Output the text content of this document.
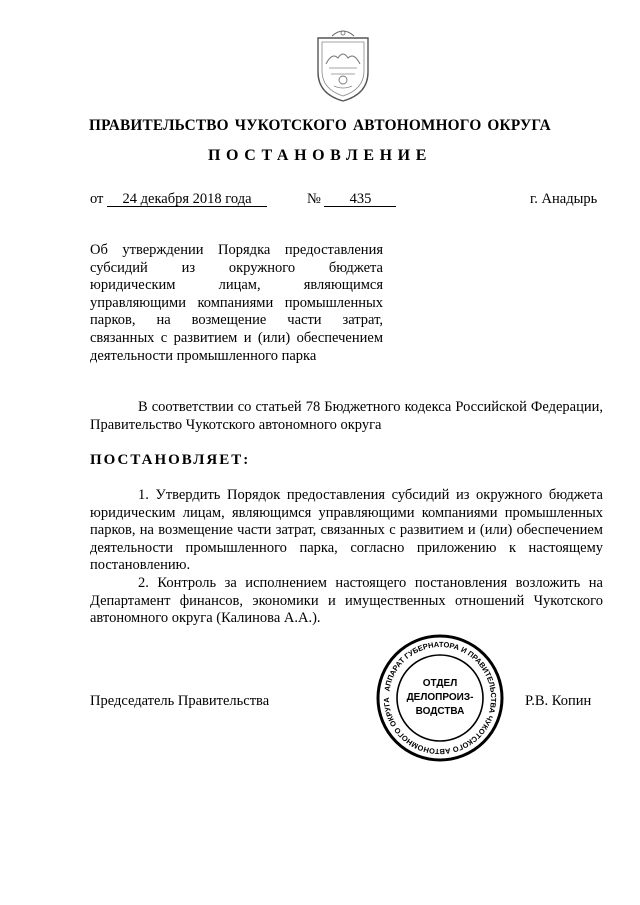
ПРАВИТЕЛЬСТВО ЧУКОТСКОГО АВТОНОМНОГО ОКРУГА
ПОСТАНОВЛЕНИЕ
от 24 декабря 2018 года	№ 435	г. Анадырь
Об утверждении Порядка предоставления
субсидий из окружного бюджета
юридическим лицам, являющимся
управляющими компаниями промышленных
парков, на возмещение части затрат,
связанных с развитием и (или) обеспечением
деятельности промышленного парка
В соответствии со статьей 78 Бюджетного кодекса Российской Федерации, Правительство Чукотского автономного округа
ПОСТАНОВЛЯЕТ:
1. Утвердить Порядок предоставления субсидий из окружного бюджета юридическим лицам, являющимся управляющими компаниями промышленных парков, на возмещение части затрат, связанных с развитием и (или) обеспечением деятельности промышленного парка, согласно приложению к настоящему постановлению.
2. Контроль за исполнением настоящего постановления возложить на Департамент финансов, экономики и имущественных отношений Чукотского автономного округа (Калинова А.А.).
Председатель Правительства	Р.В. Копин
АППАРАТ ГУБЕРНАТОРА И ПРАВИТЕЛЬСТВА ЧУКОТСКОГО АВТОНОМНОГО ОКРУГА
ОТДЕЛ
ДЕЛОПРОИЗ-
ВОДСТВА
